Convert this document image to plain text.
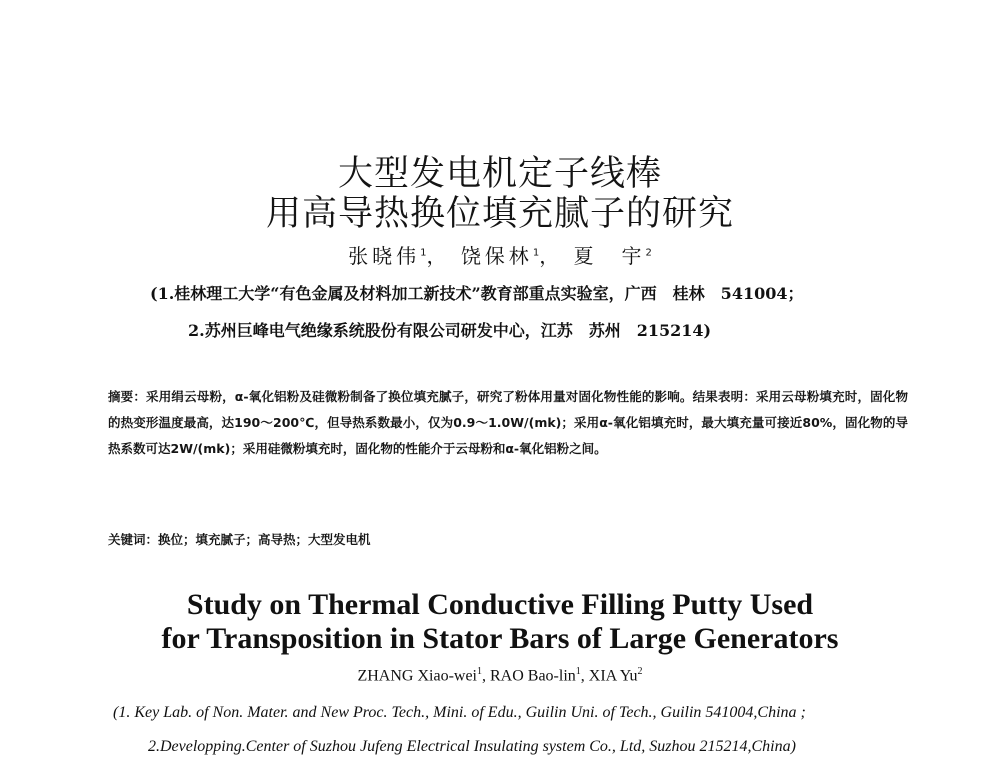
大型发电机定子线棒
用高导热换位填充腻子的研究
张晓伟$^1$， 饶保林$^1$， 夏　宇$^2$
(1.桂林理工大学“有色金属及材料加工新技术”教育部重点实验室，广西　桂林　541004；
2.苏州巨峰电气绝缘系统股份有限公司研发中心，江苏　苏州　215214)
摘要：采用绢云母粉，α-氧化铝粉及硅微粉制备了换位填充腻子，研究了粉体用量对固化物性能的影响。结果表明：采用云母粉填充时，固化物的热变形温度最高，达190～200℃，但导热系数最小，仅为0.9～1.0W/(mk)；采用α-氧化铝填充时，最大填充量可接近80%，固化物的导热系数可达2W/(mk)；采用硅微粉填充时，固化物的性能介于云母粉和α-氧化铝粉之间。
关键词：换位；填充腻子；高导热；大型发电机
Study on Thermal Conductive Filling Putty Used
for Transposition in Stator Bars of Large Generators
ZHANG Xiao-wei$^1$, RAO Bao-lin$^1$, XIA Yu$^2$
(1. Key Lab. of Non. Mater. and New Proc. Tech., Mini. of Edu., Guilin Uni. of Tech., Guilin 541004,China ;
2.Developping.Center of Suzhou Jufeng Electrical Insulating system Co., Ltd, Suzhou 215214,China)
